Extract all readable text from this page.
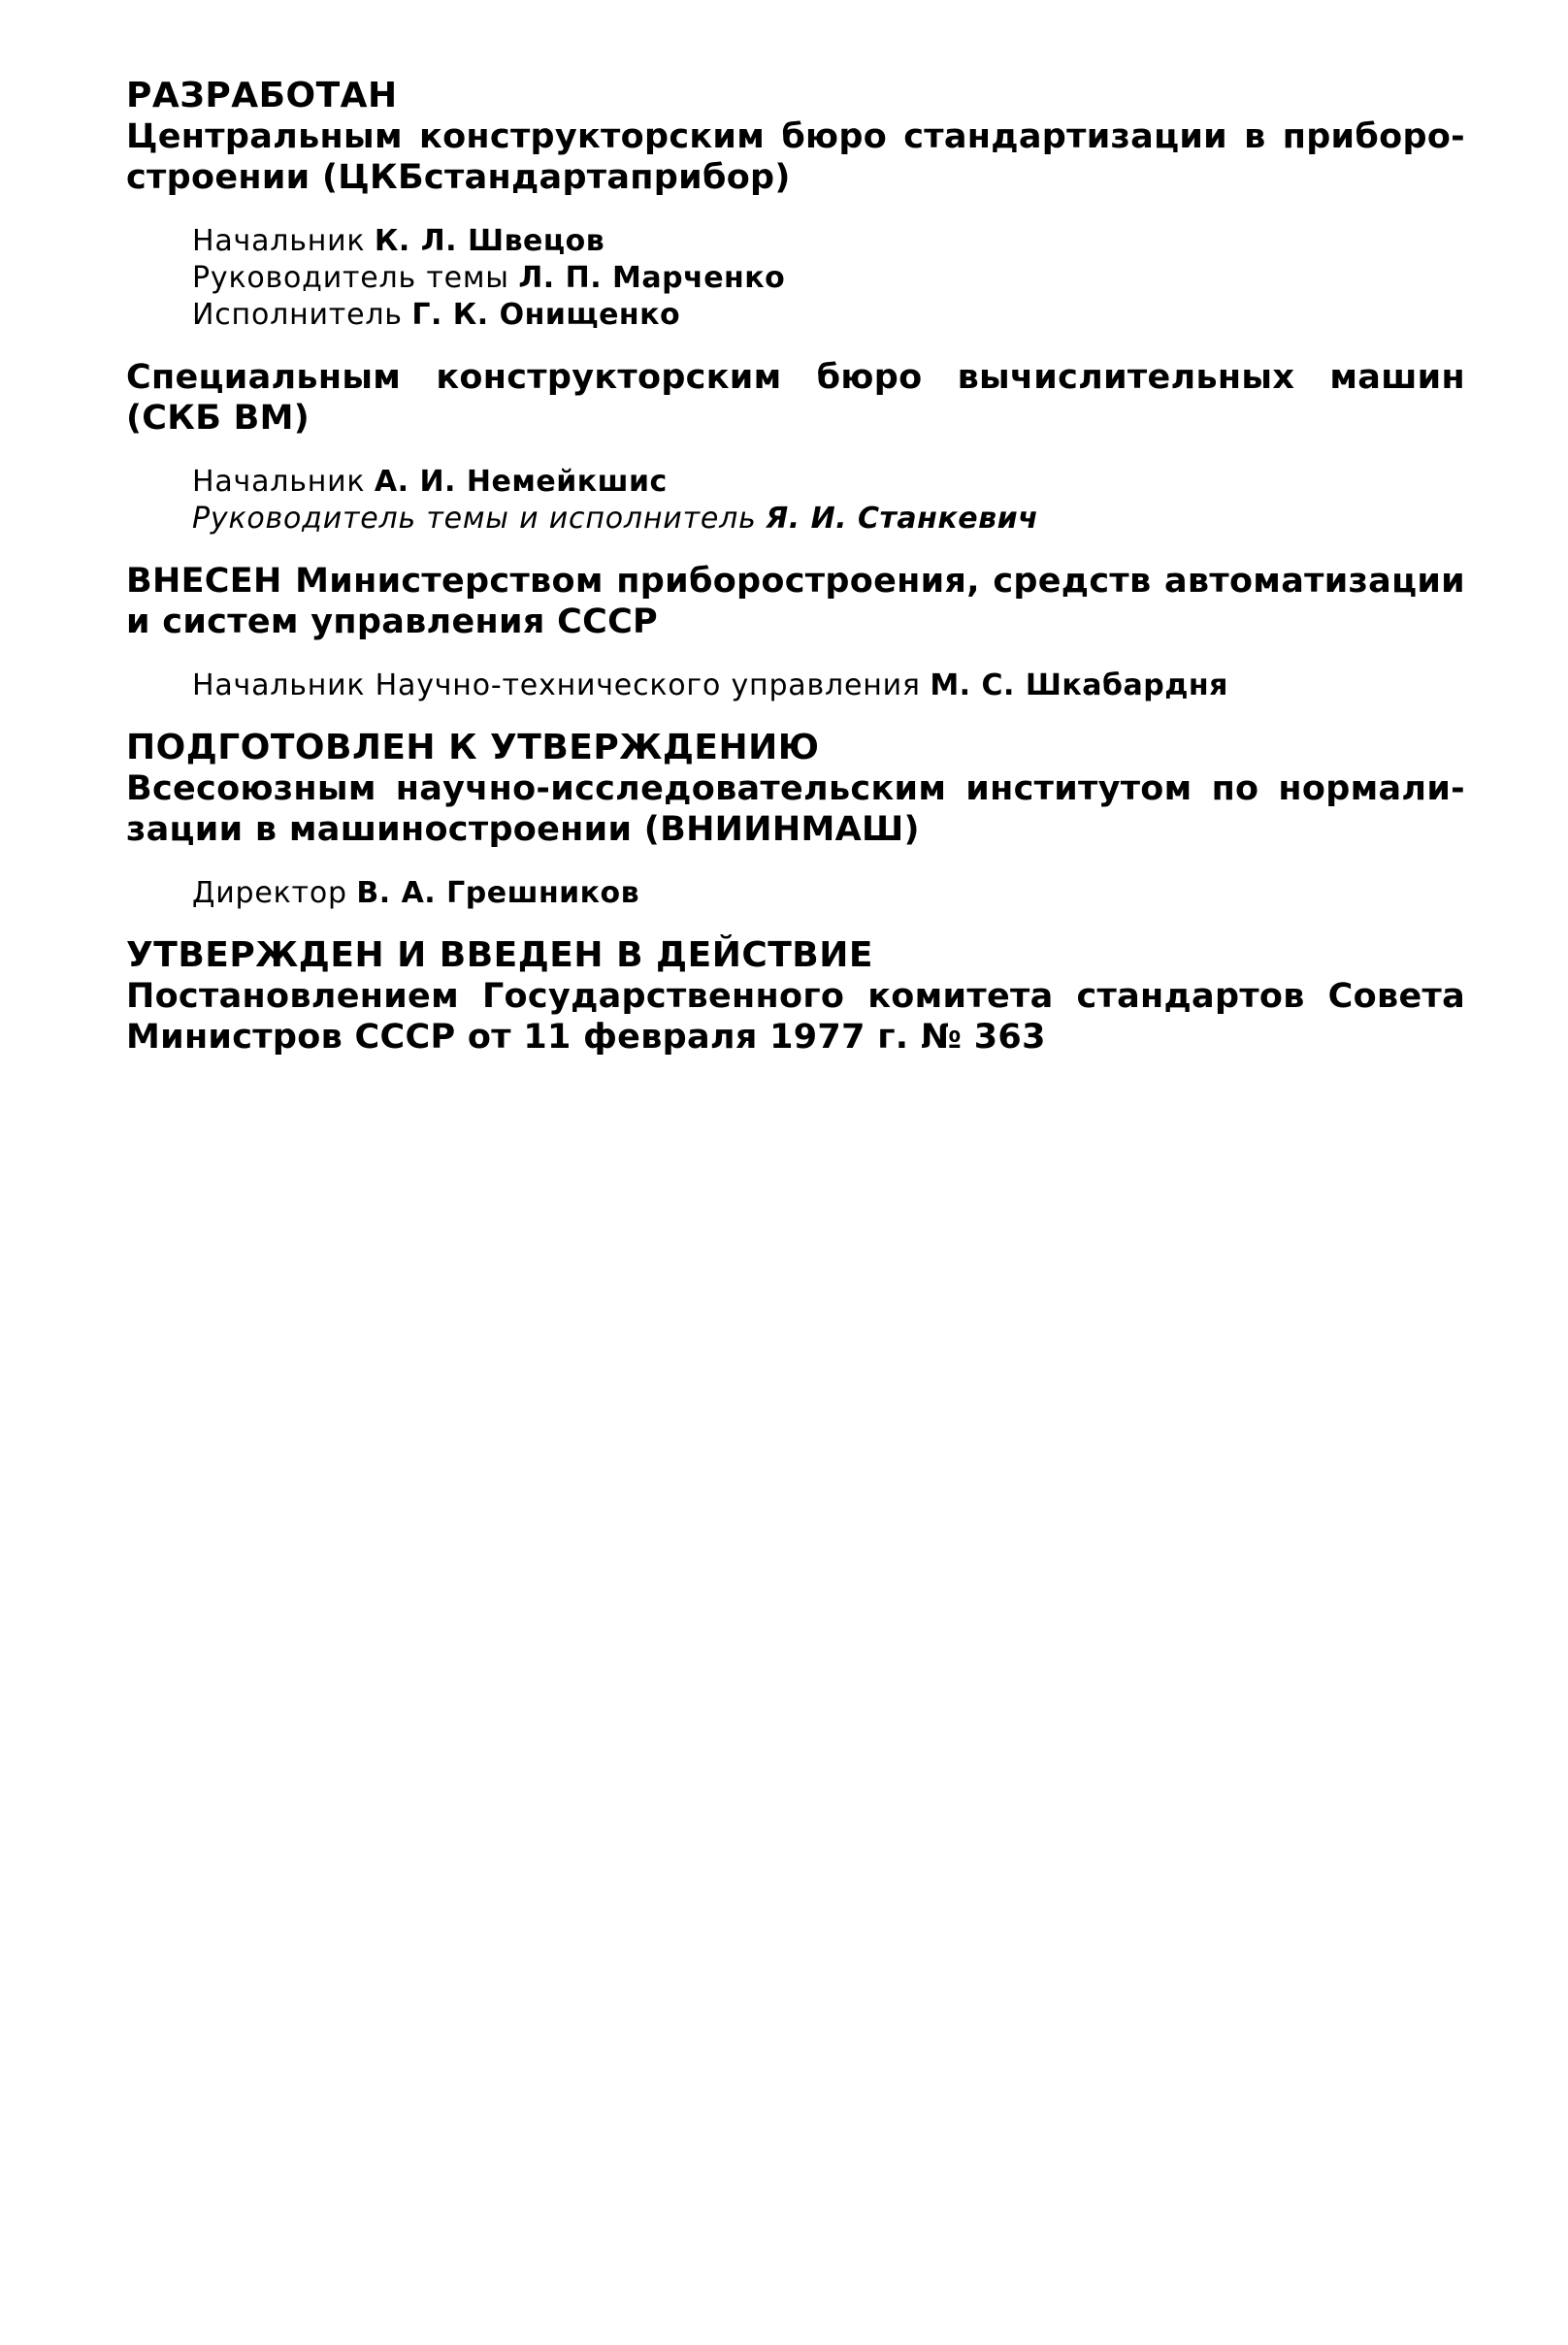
РАЗРАБОТАН

Центральным конструкторским бюро стандартизации в приборо-

строении (ЦКБстандартаприбор)

Начальник К. Л. Швецов
Руководитель темы Л. П. Марченко
Исполнитель Г. К. Онищенко

Специальным конструкторским бюро вычислительных машин

(СКБ ВМ)

Начальник А. И. Немейкшис
Руководитель темы и исполнитель Я. И. Станкевич

ВНЕСЕН Министерством приборостроения, средств автоматизации

и систем управления СССР

Начальник Научно-технического управления М. С. Шкабардня
ПОДГОТОВЛЕН К УТВЕРЖДЕНИЮ

Всесоюзным научно-исследовательским институтом по нормали-

зации в машиностроении (ВНИИНМАШ)

Директор В. А. Грешников
УТВЕРЖДЕН И ВВЕДЕН В ДЕЙСТВИЕ

Постановлением Государственного комитета стандартов Совета

Министров СССР от 11 февраля 1977 г. № 363
